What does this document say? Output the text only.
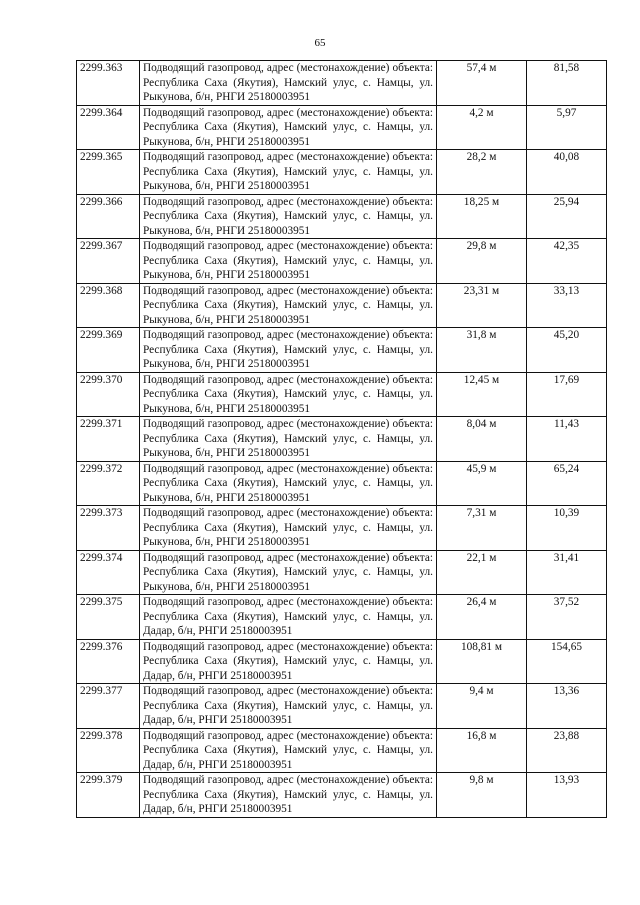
65
2299.363	Подводящий газопровод, адрес (местонахождение) объекта: Республика Саха (Якутия), Намский улус, с. Намцы, ул. Рыкунова, б/н, РНГИ 25180003951	57,4 м	81,58
2299.364	Подводящий газопровод, адрес (местонахождение) объекта: Республика Саха (Якутия), Намский улус, с. Намцы, ул. Рыкунова, б/н, РНГИ 25180003951	4,2 м	5,97
2299.365	Подводящий газопровод, адрес (местонахождение) объекта: Республика Саха (Якутия), Намский улус, с. Намцы, ул. Рыкунова, б/н, РНГИ 25180003951	28,2 м	40,08
2299.366	Подводящий газопровод, адрес (местонахождение) объекта: Республика Саха (Якутия), Намский улус, с. Намцы, ул. Рыкунова, б/н, РНГИ 25180003951	18,25 м	25,94
2299.367	Подводящий газопровод, адрес (местонахождение) объекта: Республика Саха (Якутия), Намский улус, с. Намцы, ул. Рыкунова, б/н, РНГИ 25180003951	29,8 м	42,35
2299.368	Подводящий газопровод, адрес (местонахождение) объекта: Республика Саха (Якутия), Намский улус, с. Намцы, ул. Рыкунова, б/н, РНГИ 25180003951	23,31 м	33,13
2299.369	Подводящий газопровод, адрес (местонахождение) объекта: Республика Саха (Якутия), Намский улус, с. Намцы, ул. Рыкунова, б/н, РНГИ 25180003951	31,8 м	45,20
2299.370	Подводящий газопровод, адрес (местонахождение) объекта: Республика Саха (Якутия), Намский улус, с. Намцы, ул. Рыкунова, б/н, РНГИ 25180003951	12,45 м	17,69
2299.371	Подводящий газопровод, адрес (местонахождение) объекта: Республика Саха (Якутия), Намский улус, с. Намцы, ул. Рыкунова, б/н, РНГИ 25180003951	8,04 м	11,43
2299.372	Подводящий газопровод, адрес (местонахождение) объекта: Республика Саха (Якутия), Намский улус, с. Намцы, ул. Рыкунова, б/н, РНГИ 25180003951	45,9 м	65,24
2299.373	Подводящий газопровод, адрес (местонахождение) объекта: Республика Саха (Якутия), Намский улус, с. Намцы, ул. Рыкунова, б/н, РНГИ 25180003951	7,31 м	10,39
2299.374	Подводящий газопровод, адрес (местонахождение) объекта: Республика Саха (Якутия), Намский улус, с. Намцы, ул. Рыкунова, б/н, РНГИ 25180003951	22,1 м	31,41
2299.375	Подводящий газопровод, адрес (местонахождение) объекта: Республика Саха (Якутия), Намский улус, с. Намцы, ул. Дадар, б/н, РНГИ 25180003951	26,4 м	37,52
2299.376	Подводящий газопровод, адрес (местонахождение) объекта: Республика Саха (Якутия), Намский улус, с. Намцы, ул. Дадар, б/н, РНГИ 25180003951	108,81 м	154,65
2299.377	Подводящий газопровод, адрес (местонахождение) объекта: Республика Саха (Якутия), Намский улус, с. Намцы, ул. Дадар, б/н, РНГИ 25180003951	9,4 м	13,36
2299.378	Подводящий газопровод, адрес (местонахождение) объекта: Республика Саха (Якутия), Намский улус, с. Намцы, ул. Дадар, б/н, РНГИ 25180003951	16,8 м	23,88
2299.379	Подводящий газопровод, адрес (местонахождение) объекта: Республика Саха (Якутия), Намский улус, с. Намцы, ул. Дадар, б/н, РНГИ 25180003951	9,8 м	13,93
